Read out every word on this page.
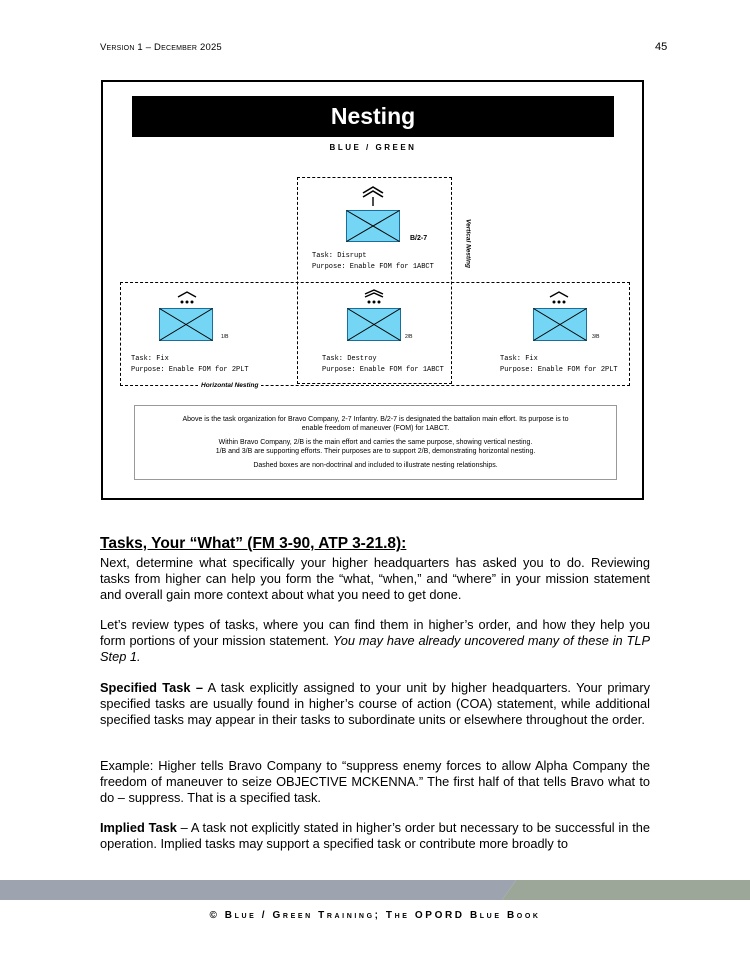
Version 1 – December 2025	45
Nesting
BLUE / GREEN
Vertical Nesting
Horizontal Nesting
B/2-7
Task: Disrupt
Purpose: Enable FOM for 1ABCT
1/B
Task: Fix
Purpose: Enable FOM for 2PLT
2/B
Task: Destroy
Purpose: Enable FOM for 1ABCT
3/B
Task: Fix
Purpose: Enable FOM for 2PLT

Above is the task organization for Bravo Company, 2-7 Infantry. B/2-7 is designated the battalion main effort. Its purpose is to
enable freedom of maneuver (FOM) for 1ABCT.

Within Bravo Company, 2/B is the main effort and carries the same purpose, showing vertical nesting.
1/B and 3/B are supporting efforts. Their purposes are to support 2/B, demonstrating horizontal nesting.

Dashed boxes are non-doctrinal and included to illustrate nesting relationships.

Tasks, Your “What” (FM 3-90, ATP 3-21.8):

Next, determine what specifically your higher headquarters has asked you to do. Reviewing tasks from higher can help you form the “what, “when,” and “where” in your mission statement and overall gain more context about what you need to get done.

Let’s review types of tasks, where you can find them in higher’s order, and how they help you form portions of your mission statement. You may have already uncovered many of these in TLP Step 1.

Specified Task – A task explicitly assigned to your unit by higher headquarters. Your primary specified tasks are usually found in higher’s course of action (COA) statement, while additional specified tasks may appear in their tasks to subordinate units or elsewhere throughout the order.

Example: Higher tells Bravo Company to “suppress enemy forces to allow Alpha Company the freedom of maneuver to seize OBJECTIVE MCKENNA.” The first half of that tells Bravo what to do – suppress. That is a specified task.

Implied Task – A task not explicitly stated in higher’s order but necessary to be successful in the operation. Implied tasks may support a specified task or contribute more broadly to

© Blue / Green Training; The OPORD Blue Book
